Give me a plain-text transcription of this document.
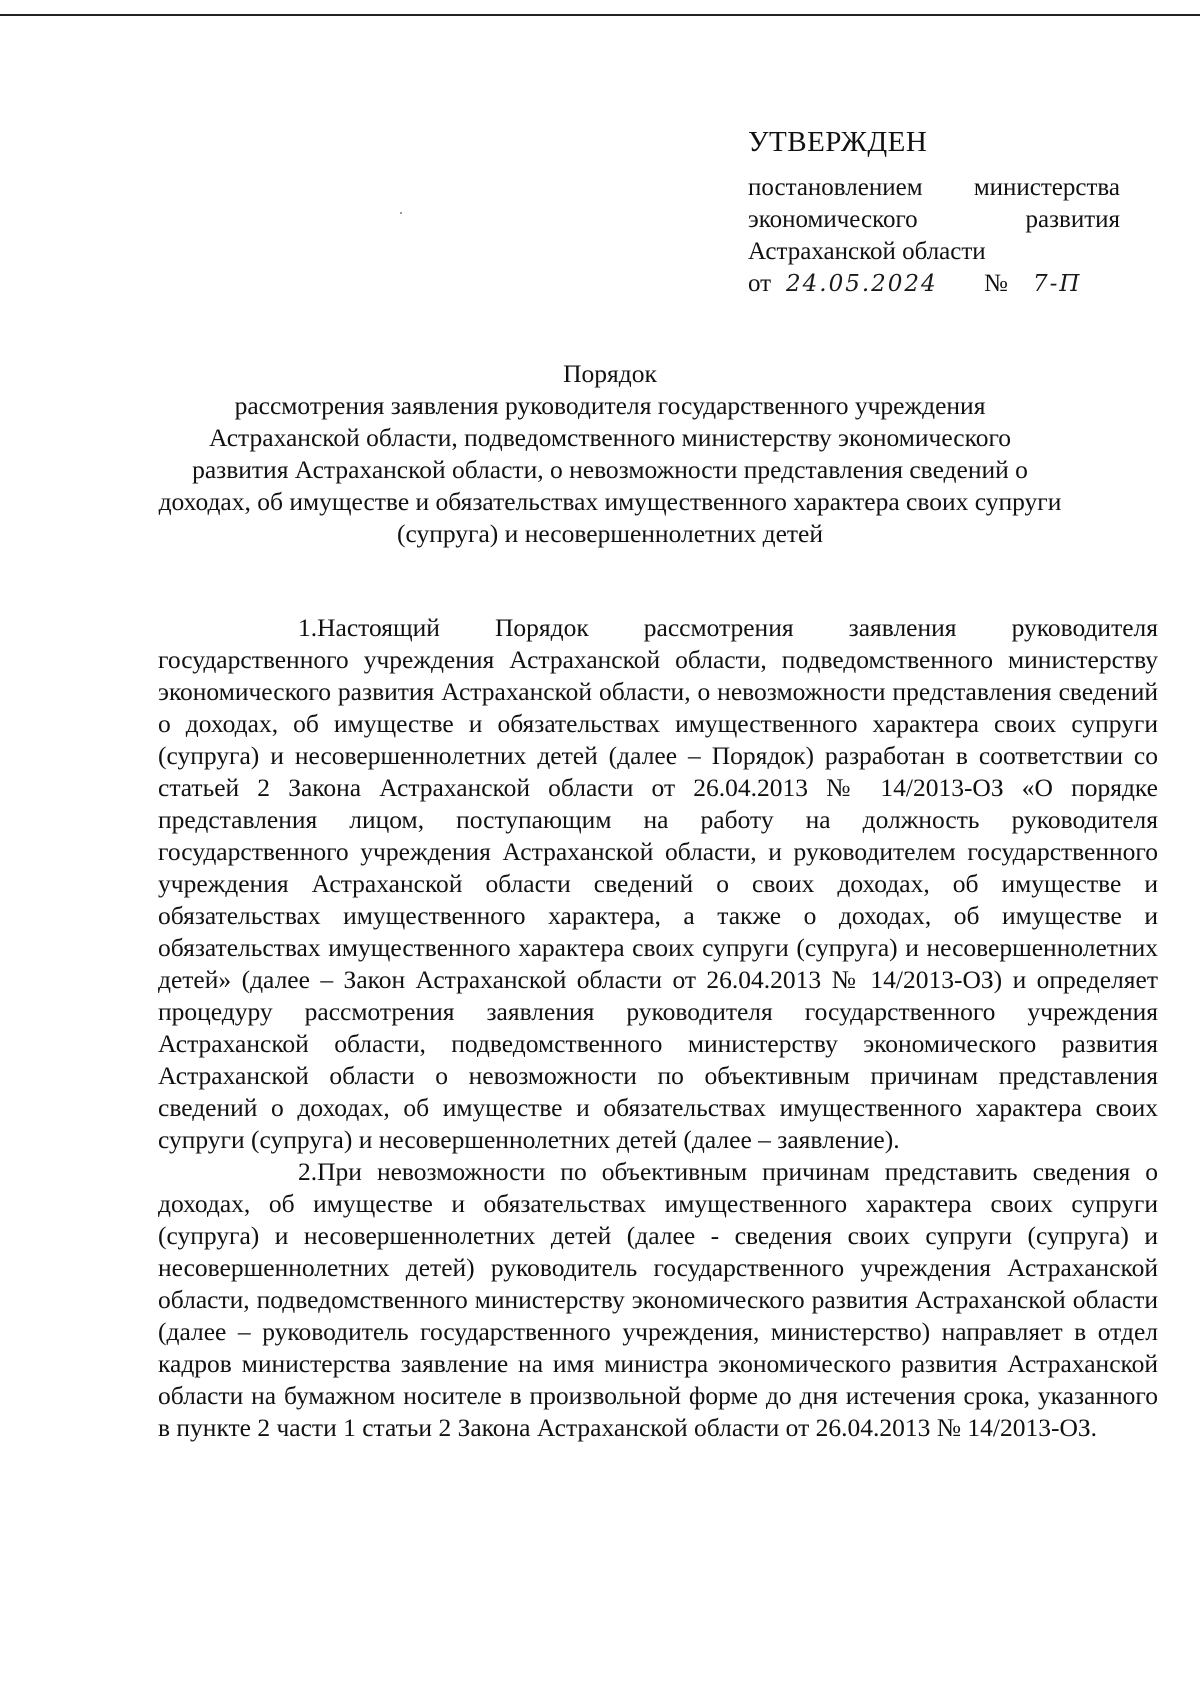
УТВЕРЖДЕН
постановлением министерства
экономического развития
Астраханской области
от 24.05.2024 № 7-П
Порядок
рассмотрения заявления руководителя государственного учреждения Астраханской области, подведомственного министерству экономического развития Астраханской области, о невозможности представления сведений о доходах, об имуществе и обязательствах имущественного характера своих супруги (супруга) и несовершеннолетних детей

1.Настоящий Порядок рассмотрения заявления руководителя государственного учреждения Астраханской области, подведомственного министерству экономического развития Астраханской области, о невозможности представления сведений о доходах, об имуществе и обязательствах имущественного характера своих супруги (супруга) и несовершеннолетних детей (далее – Порядок) разработан в соответствии со статьей 2 Закона Астраханской области от 26.04.2013 № 14/2013-ОЗ «О порядке представления лицом, поступающим на работу на должность руководителя государственного учреждения Астраханской области, и руководителем государственного учреждения Астраханской области сведений о своих доходах, об имуществе и обязательствах имущественного характера, а также о доходах, об имуществе и обязательствах имущественного характера своих супруги (супруга) и несовершеннолетних детей» (далее – Закон Астраханской области от 26.04.2013 № 14/2013-ОЗ) и определяет процедуру рассмотрения заявления руководителя государственного учреждения Астраханской области, подведомственного министерству экономического развития Астраханской области о невозможности по объективным причинам представления сведений о доходах, об имуществе и обязательствах имущественного характера своих супруги (супруга) и несовершеннолетних детей (далее – заявление).

2.При невозможности по объективным причинам представить сведения о доходах, об имуществе и обязательствах имущественного характера своих супруги (супруга) и несовершеннолетних детей (далее - сведения своих супруги (супруга) и несовершеннолетних детей) руководитель государственного учреждения Астраханской области, подведомственного министерству экономического развития Астраханской области (далее – руководитель государственного учреждения, министерство) направляет в отдел кадров министерства заявление на имя министра экономического развития Астраханской области на бумажном носителе в произвольной форме до дня истечения срока, указанного в пункте 2 части 1 статьи 2 Закона Астраханской области от 26.04.2013 № 14/2013-ОЗ.
